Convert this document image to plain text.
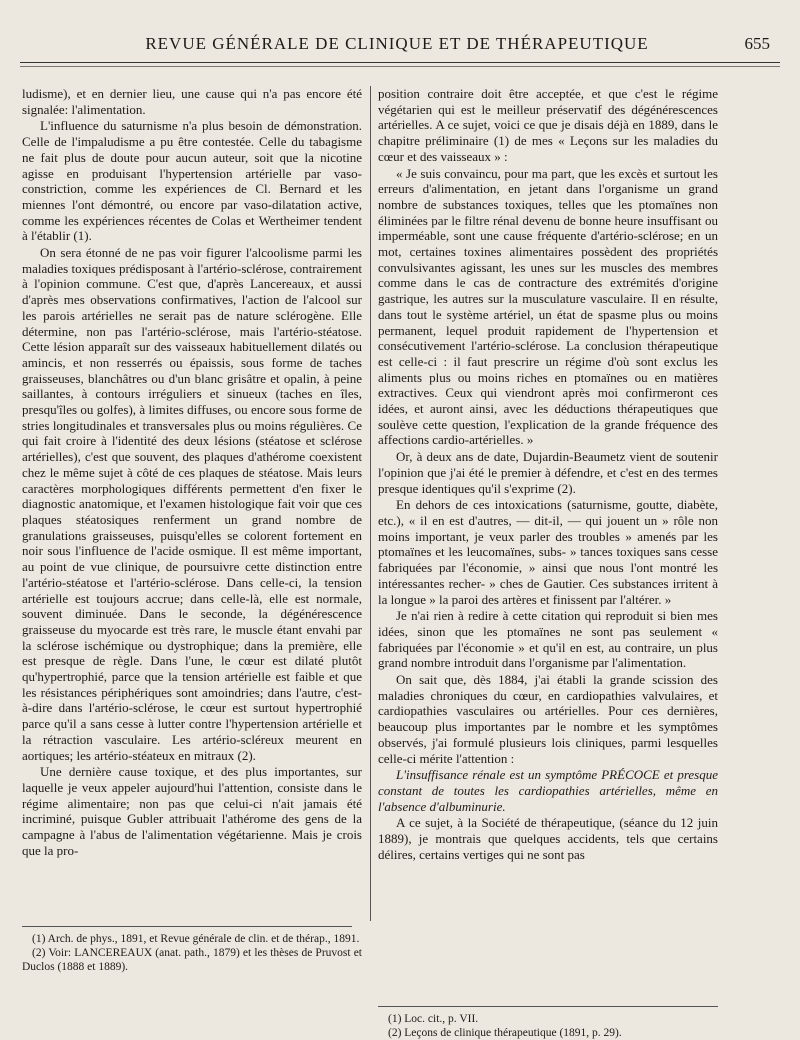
REVUE GÉNÉRALE DE CLINIQUE ET DE THÉRAPEUTIQUE	655

ludisme), et en dernier lieu, une cause qui n'a pas encore été signalée: l'alimentation.

L'influence du saturnisme n'a plus besoin de démonstration. Celle de l'impaludisme a pu être contestée. Celle du tabagisme ne fait plus de doute pour aucun auteur, soit que la nicotine agisse en produisant l'hypertension artérielle par vaso-constriction, comme les expériences de Cl. Bernard et les miennes l'ont démontré, ou encore par vaso-dilatation active, comme les expériences récentes de Colas et Wertheimer tendent à l'établir (1).

On sera étonné de ne pas voir figurer l'alcoolisme parmi les maladies toxiques prédisposant à l'artério-sclérose, contrairement à l'opinion commune. C'est que, d'après Lancereaux, et aussi d'après mes observations confirmatives, l'action de l'alcool sur les parois artérielles ne serait pas de nature sclérogène. Elle détermine, non pas l'artério-sclérose, mais l'artério-stéatose. Cette lésion apparaît sur des vaisseaux habituellement dilatés ou amincis, et non resserrés ou épaissis, sous forme de taches graisseuses, blanchâtres ou d'un blanc grisâtre et opalin, à peine saillantes, à contours irréguliers et sinueux (taches en îles, presqu'îles ou golfes), à limites diffuses, ou encore sous forme de stries longitudinales et transversales plus ou moins régulières. Ce qui fait croire à l'identité des deux lésions (stéatose et sclérose artérielles), c'est que souvent, des plaques d'athérome coexistent chez le même sujet à côté de ces plaques de stéatose. Mais leurs caractères morphologiques différents permettent d'en fixer le diagnostic anatomique, et l'examen histologique fait voir que ces plaques stéatosiques renferment un grand nombre de granulations graisseuses, puisqu'elles se colorent fortement en noir sous l'influence de l'acide osmique. Il est même important, au point de vue clinique, de poursuivre cette distinction entre l'artério-stéatose et l'artério-sclérose. Dans celle-ci, la tension artérielle est toujours accrue; dans celle-là, elle est normale, souvent diminuée. Dans le seconde, la dégénérescence graisseuse du myocarde est très rare, le muscle étant envahi par la sclérose ischémique ou dystrophique; dans la première, elle est presque de règle. Dans l'une, le cœur est dilaté plutôt qu'hypertrophié, parce que la tension artérielle est faible et que les résistances périphériques sont amoindries; dans l'autre, c'est-à-dire dans l'artério-sclérose, le cœur est surtout hypertrophié parce qu'il a sans cesse à lutter contre l'hypertension artérielle et la rétraction vasculaire. Les artério-scléreux meurent en aortiques; les artério-stéateux en mitraux (2).

Une dernière cause toxique, et des plus importantes, sur laquelle je veux appeler aujourd'hui l'attention, consiste dans le régime alimentaire; non pas que celui-ci n'ait jamais été incriminé, puisque Gubler attribuait l'athérome des gens de la campagne à l'abus de l'alimentation végétarienne. Mais je crois que la pro-

position contraire doit être acceptée, et que c'est le régime végétarien qui est le meilleur préservatif des dégénérescences artérielles. A ce sujet, voici ce que je disais déjà en 1889, dans le chapitre préliminaire (1) de mes « Leçons sur les maladies du cœur et des vaisseaux » :

« Je suis convaincu, pour ma part, que les excès et surtout les erreurs d'alimentation, en jetant dans l'organisme un grand nombre de substances toxiques, telles que les ptomaïnes non éliminées par le filtre rénal devenu de bonne heure insuffisant ou imperméable, sont une cause fréquente d'artério-sclérose; en un mot, certaines toxines alimentaires possèdent des propriétés convulsivantes agissant, les unes sur les muscles des membres comme dans le cas de contracture des extrémités d'origine gastrique, les autres sur la musculature vasculaire. Il en résulte, dans tout le système artériel, un état de spasme plus ou moins permanent, lequel produit rapidement de l'hypertension et consécutivement l'artério-sclérose. La conclusion thérapeutique est celle-ci : il faut prescrire un régime d'où sont exclus les aliments plus ou moins riches en ptomaïnes ou en matières extractives. Ceux qui viendront après moi confirmeront ces idées, et auront ainsi, avec les déductions thérapeutiques que soulève cette question, l'explication de la grande fréquence des affections cardio-artérielles. »

Or, à deux ans de date, Dujardin-Beaumetz vient de soutenir l'opinion que j'ai été le premier à défendre, et c'est en des termes presque identiques qu'il s'exprime (2).

En dehors de ces intoxications (saturnisme, goutte, diabète, etc.), « il en est d'autres, — dit-il, — qui jouent un » rôle non moins important, je veux parler des troubles » amenés par les ptomaïnes et les leucomaïnes, subs- » tances toxiques sans cesse fabriquées par l'économie, » ainsi que nous l'ont montré les intéressantes recher- » ches de Gautier. Ces substances irritent à la longue » la paroi des artères et finissent par l'altérer. »

Je n'ai rien à redire à cette citation qui reproduit si bien mes idées, sinon que les ptomaïnes ne sont pas seulement « fabriquées par l'économie » et qu'il en est, au contraire, un plus grand nombre introduit dans l'organisme par l'alimentation.

On sait que, dès 1884, j'ai établi la grande scission des maladies chroniques du cœur, en cardiopathies valvulaires, et cardiopathies vasculaires ou artérielles. Pour ces dernières, beaucoup plus importantes par le nombre et les symptômes observés, j'ai formulé plusieurs lois cliniques, parmi lesquelles celle-ci mérite l'attention :

L'insuffisance rénale est un symptôme PRÉCOCE et presque constant de toutes les cardiopathies artérielles, même en l'absence d'albuminurie.

A ce sujet, à la Société de thérapeutique, (séance du 12 juin 1889), je montrais que quelques accidents, tels que certains délires, certains vertiges qui ne sont pas

(1) Arch. de phys., 1891, et Revue générale de clin. et de thérap., 1891.

(2) Voir: LANCEREAUX (anat. path., 1879) et les thèses de Pruvost et Duclos (1888 et 1889).

(1) Loc. cit., p. VII.

(2) Leçons de clinique thérapeutique (1891, p. 29).
